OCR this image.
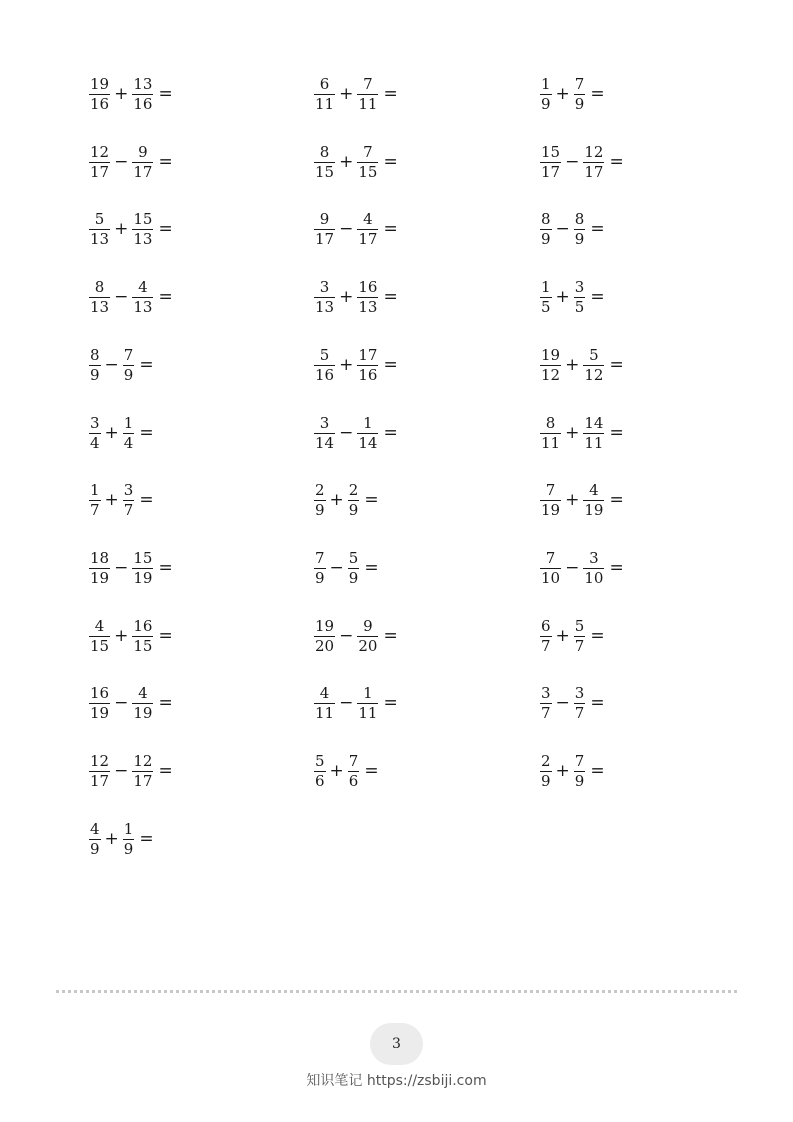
$\frac{19}{16} + \frac{13}{16}$ =	$\frac{6}{11} + \frac{7}{11}$ =	$\frac{1}{9} + \frac{7}{9}$ =
$\frac{12}{17} - \frac{9}{17}$ =	$\frac{8}{15} + \frac{7}{15}$ =	$\frac{15}{17} - \frac{12}{17}$ =
$\frac{5}{13} + \frac{15}{13}$ =	$\frac{9}{17} - \frac{4}{17}$ =	$\frac{8}{9} - \frac{8}{9}$ =
$\frac{8}{13} - \frac{4}{13}$ =	$\frac{3}{13} + \frac{16}{13}$ =	$\frac{1}{5} + \frac{3}{5}$ =
$\frac{8}{9} - \frac{7}{9}$ =	$\frac{5}{16} + \frac{17}{16}$ =	$\frac{19}{12} + \frac{5}{12}$ =
$\frac{3}{4} + \frac{1}{4}$ =	$\frac{3}{14} - \frac{1}{14}$ =	$\frac{8}{11} + \frac{14}{11}$ =
$\frac{1}{7} + \frac{3}{7}$ =	$\frac{2}{9} + \frac{2}{9}$ =	$\frac{7}{19} + \frac{4}{19}$ =
$\frac{18}{19} - \frac{15}{19}$ =	$\frac{7}{9} - \frac{5}{9}$ =	$\frac{7}{10} - \frac{3}{10}$ =
$\frac{4}{15} + \frac{16}{15}$ =	$\frac{19}{20} - \frac{9}{20}$ =	$\frac{6}{7} + \frac{5}{7}$ =
$\frac{16}{19} - \frac{4}{19}$ =	$\frac{4}{11} - \frac{1}{11}$ =	$\frac{3}{7} - \frac{3}{7}$ =
$\frac{12}{17} - \frac{12}{17}$ =	$\frac{5}{6} + \frac{7}{6}$ =	$\frac{2}{9} + \frac{7}{9}$ =
$\frac{4}{9} + \frac{1}{9}$ =
3
知识笔记 https://zsbiji.com
